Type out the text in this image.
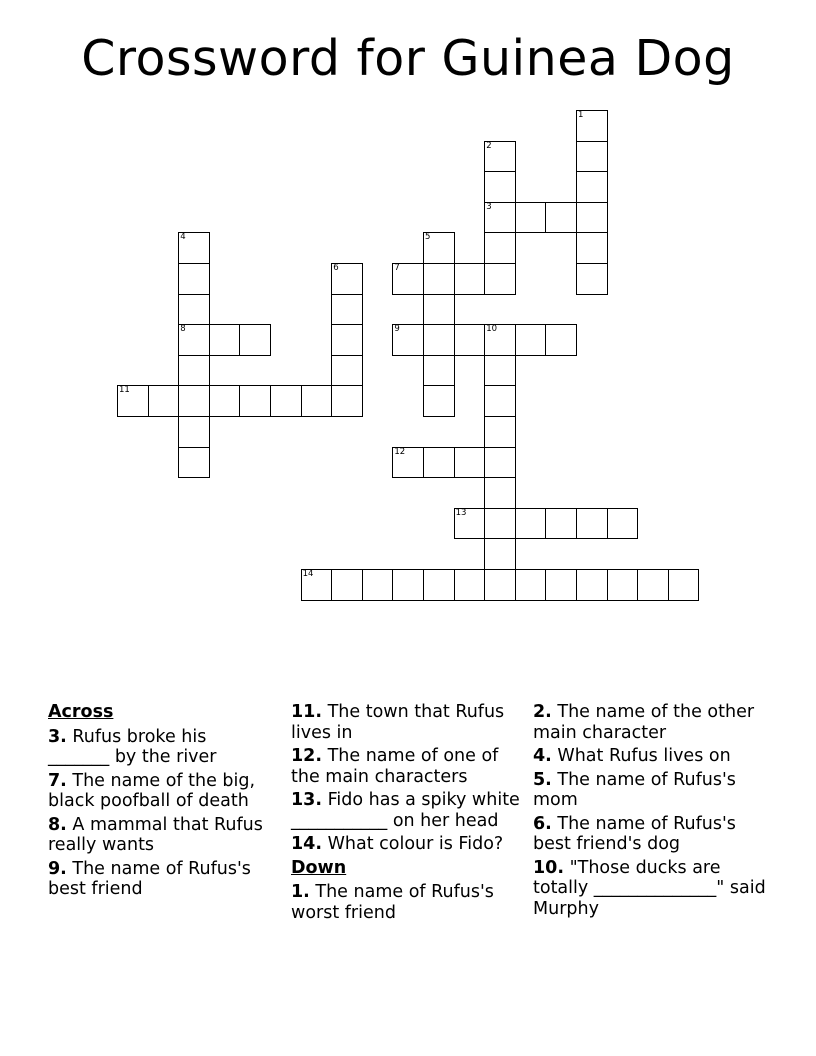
Crossword for Guinea Dog
1
2
3
4
8
5
6	7
9	10
11
12
13
14
Across
3. Rufus broke his _______ by the river
7. The name of the big, black poofball of death
8. A mammal that Rufus really wants
9. The name of Rufus's best friend
11. The town that Rufus lives in
12. The name of one of the main characters
13. Fido has a spiky white ___________ on her head
14. What colour is Fido?
Down
1. The name of Rufus's worst friend
2. The name of the other main character
4. What Rufus lives on
5. The name of Rufus's mom
6. The name of Rufus's best friend's dog
10. "Those ducks are totally ______________" said Murphy
